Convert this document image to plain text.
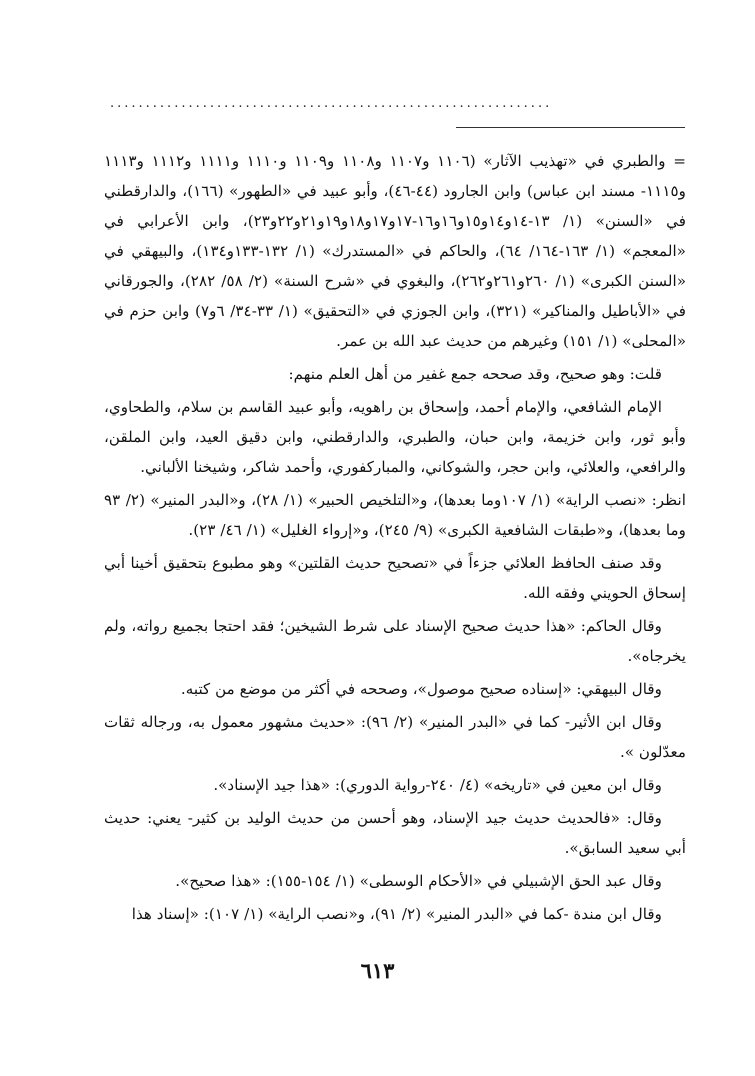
..............................................................

= والطبري في «تهذيب الآثار» (١١٠٦ و١١٠٧ و١١٠٨ و١١٠٩ و١١١٠ و١١١١ و١١١٢ و١١١٣ و١١١٥- مسند ابن عباس) وابن الجارود (٤٤-٤٦)، وأبو عبيد في «الطهور» (١٦٦)، والدارقطني في «السنن» (١/ ١٣-١٤و١٤و١٥و١٦و١٦-١٧و١٧و١٨و١٩و٢١و٢٢و٢٣)، وابن الأعرابي في «المعجم» (١/ ١٦٣-١٦٤/ ٦٤)، والحاكم في «المستدرك» (١/ ١٣٢-١٣٣و١٣٤)، والبيهقي في «السنن الكبرى» (١/ ٢٦٠و٢٦١و٢٦٢)، والبغوي في «شرح السنة» (٢/ ٥٨/ ٢٨٢)، والجورقاني في «الأباطيل والمناكير» (٣٢١)، وابن الجوزي في «التحقيق» (١/ ٣٣-٣٤/ ٦و٧) وابن حزم في «المحلى» (١/ ١٥١) وغيرهم من حديث عبد الله بن عمر.

قلت: وهو صحيح، وقد صححه جمع غفير من أهل العلم منهم:

الإمام الشافعي، والإمام أحمد، وإسحاق بن راهويه، وأبو عبيد القاسم بن سلام، والطحاوي، وأبو ثور، وابن خزيمة، وابن حبان، والطبري، والدارقطني، وابن دقيق العيد، وابن الملقن، والرافعي، والعلائي، وابن حجر، والشوكاني، والمباركفوري، وأحمد شاكر، وشيخنا الألباني.

انظر: «نصب الراية» (١/ ١٠٧وما بعدها)، و«التلخيص الحبير» (١/ ٢٨)، و«البدر المنير» (٢/ ٩٣ وما بعدها)، و«طبقات الشافعية الكبرى» (٩/ ٢٤٥)، و«إرواء الغليل» (١/ ٤٦/ ٢٣).

وقد صنف الحافظ العلائي جزءاً في «تصحيح حديث القلتين» وهو مطبوع بتحقيق أخينا أبي إسحاق الحويني وفقه الله.

وقال الحاكم: «هذا حديث صحيح الإسناد على شرط الشيخين؛ فقد احتجا بجميع رواته، ولم يخرجاه».

وقال البيهقي: «إسناده صحيح موصول»، وصححه في أكثر من موضع من كتبه.

وقال ابن الأثير- كما في «البدر المنير» (٢/ ٩٦): «حديث مشهور معمول به، ورجاله ثقات معدّلون ».

وقال ابن معين في «تاريخه» (٤/ ٢٤٠-رواية الدوري): «هذا جيد الإسناد».

وقال: «فالحديث حديث جيد الإسناد، وهو أحسن من حديث الوليد بن كثير- يعني: حديث أبي سعيد السابق».

وقال عبد الحق الإشبيلي في «الأحكام الوسطى» (١/ ١٥٤-١٥٥): «هذا صحيح».

وقال ابن مندة -كما في «البدر المنير» (٢/ ٩١)، و«نصب الراية» (١/ ١٠٧): «إسناد هذا

٦١٣
